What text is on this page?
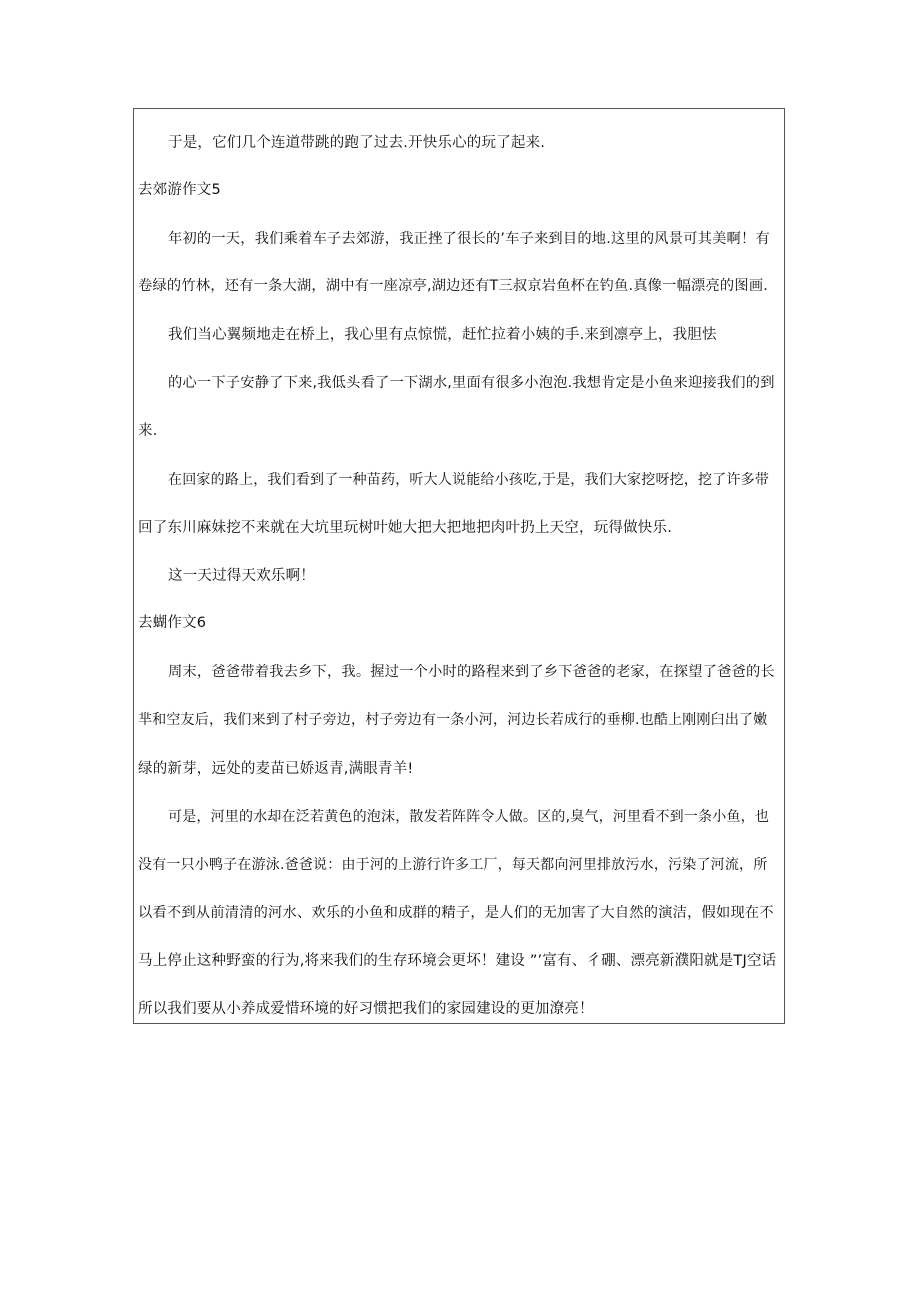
于是，它们几个连道带跳的跑了过去.开快乐心的玩了起来.
去郊游作文5
年初的一天，我们乘着车子去郊游，我正挫了很长的’车子来到目的地.这里的风景可其美啊！有
卷绿的竹林，还有一条大湖，湖中有一座凉亭,湖边还有T三叔京岩鱼杯在钓鱼.真像一幅漂亮的图画.
我们当心翼频地走在桥上，我心里有点惊慌，赶忙拉着小姨的手.来到凛亭上，我胆怯
的心一下子安静了下来,我低头看了一下湖水,里面有很多小泡泡.我想肯定是小鱼来迎接我们的到
来.
在回家的路上，我们看到了一种苗药，听大人说能给小孩吃,于是，我们大家挖呀挖，挖了许多带
回了东川麻妹挖不来就在大坑里玩树叶她大把大把地把肉叶扔上天空，玩得做快乐.
这一天过得天欢乐啊！
去蝴作文6
周末，爸爸带着我去乡下，我。握过一个小时的路程来到了乡下爸爸的老家，在探望了爸爸的长
芈和空友后，我们来到了村子旁边，村子旁边有一条小河，河边长若成行的垂柳.也酷上刚刚臼出了嫩
绿的新芽，远处的麦苗已娇返青,满眼青羊!
可是，河里的水却在泛若黄色的泡沫，散发若阵阵令人做。区的,臭气，河里看不到一条小鱼，也
没有一只小鸭子在游泳.爸爸说：由于河的上游行许多工厂，每天都向河里排放污水，污染了河流，所
以看不到从前清清的河水、欢乐的小鱼和成群的精子，是人们的无加害了大自然的演洁，假如现在不
马上停止这种野蛮的行为,将来我们的生存环境会更坏！建设 ”’富有、彳硼、漂亮新濮阳就是TJ空话
所以我们要从小养成爱惜环境的好习惯把我们的家园建设的更加潦亮！
